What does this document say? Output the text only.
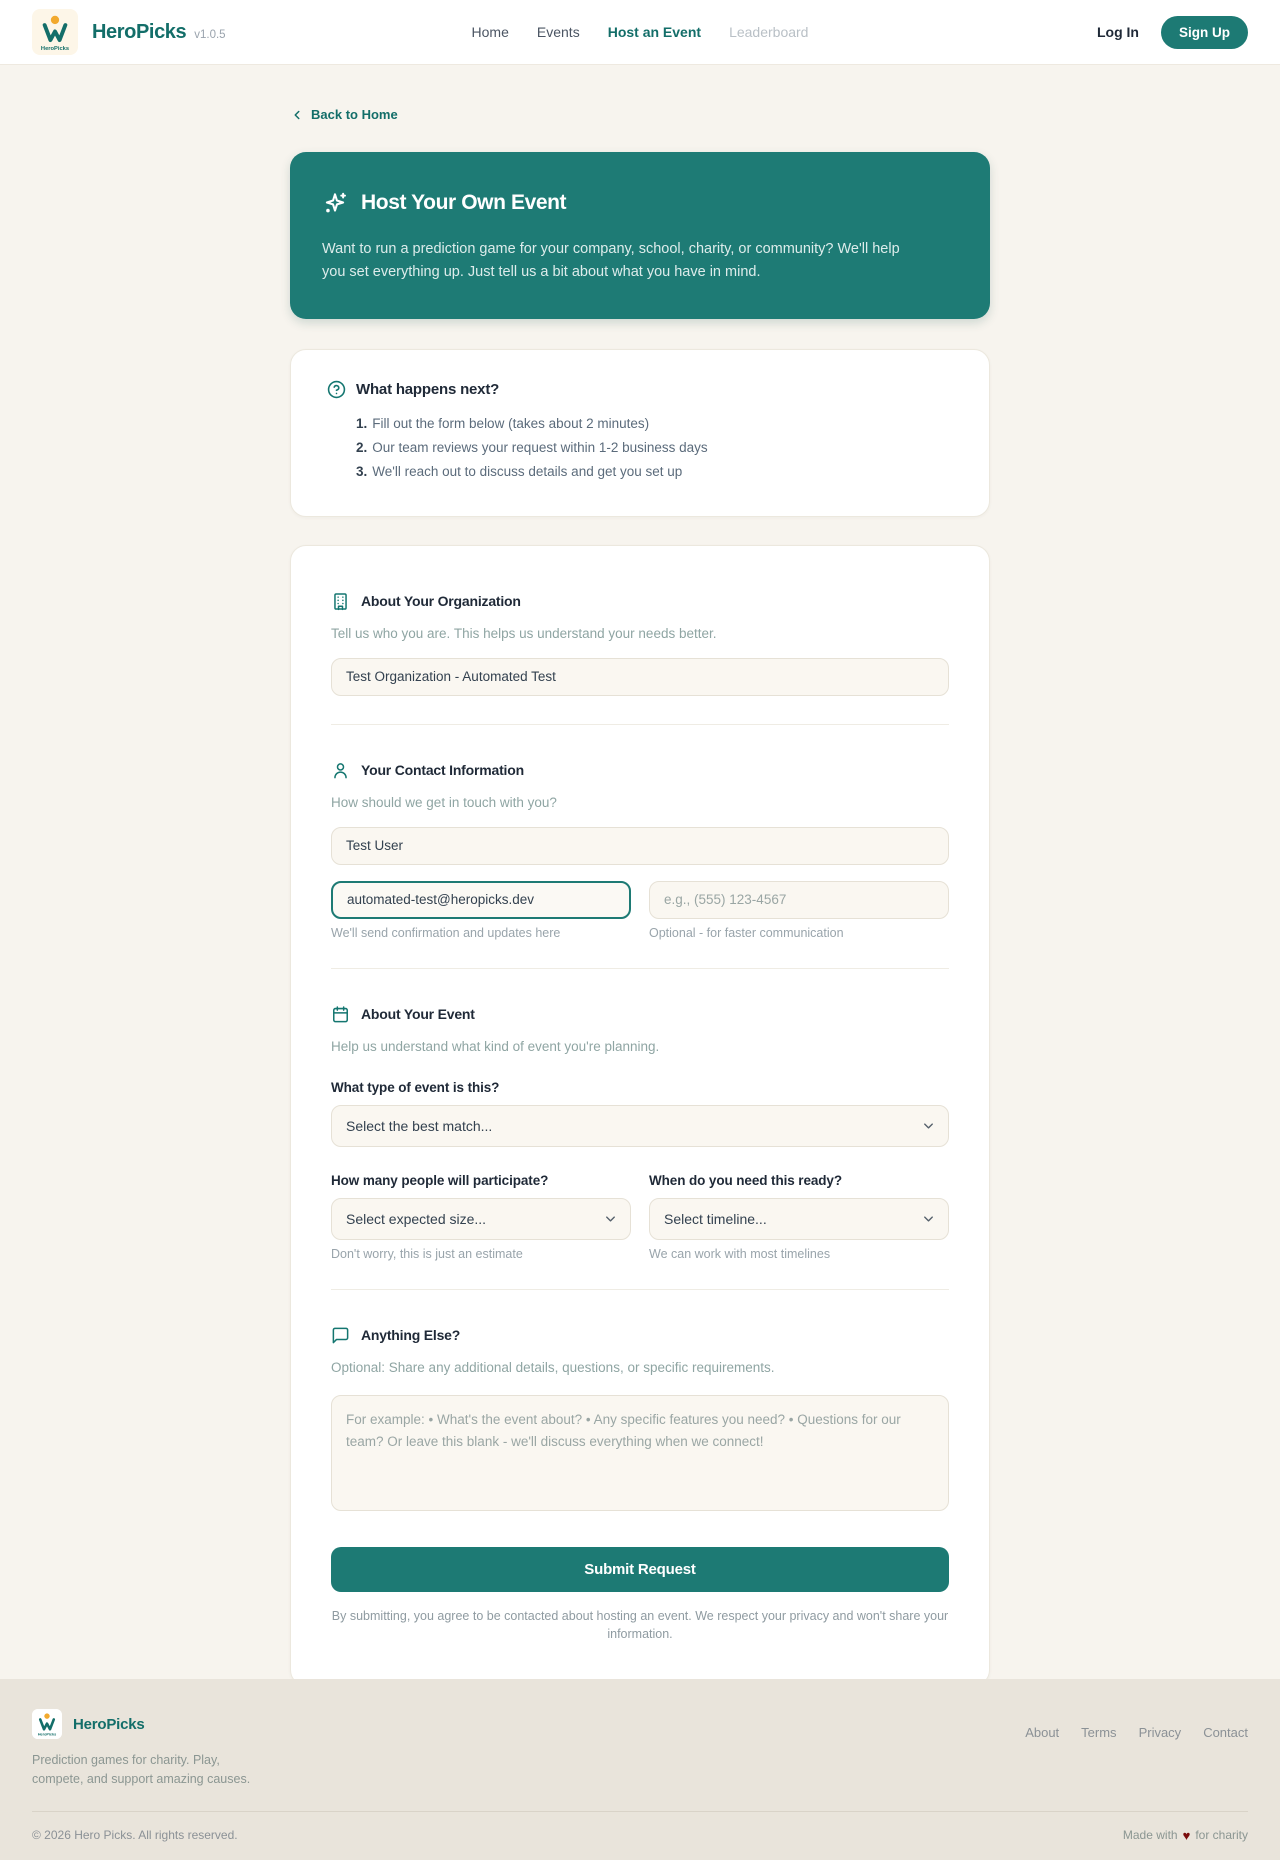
HeroPicks
HeroPicks v1.0.5	Home Events Host an Event Leaderboard	Log In	Sign Up
Back to Home
Host Your Own Event
Want to run a prediction game for your company, school, charity, or community? We'll help you set everything up. Just tell us a bit about what you have in mind.
What happens next?
1. Fill out the form below (takes about 2 minutes)
2. Our team reviews your request within 1-2 business days
3. We'll reach out to discuss details and get you set up
About Your Organization
Tell us who you are. This helps us understand your needs better.
Test Organization - Automated Test
Your Contact Information
How should we get in touch with you?
Test User
automated-test@heropicks.dev
We'll send confirmation and updates here
e.g., (555) 123-4567	Optional - for faster communication
About Your Event
Help us understand what kind of event you're planning.
What type of event is this?
Select the best match...
How many people will participate?
Select expected size...
Don't worry, this is just an estimate
When do you need this ready?
Select timeline...
We can work with most timelines
Anything Else?
Optional: Share any additional details, questions, or specific requirements.
For example: • What's the event about? • Any specific features you need? • Questions for our team? Or leave this blank - we'll discuss everything when we connect! Submit Request
By submitting, you agree to be contacted about hosting an event. We respect your privacy and won't share your information.
HeroPicks
HeroPicks
Prediction games for charity. Play, compete, and support amazing causes.
About Terms Privacy Contact
© 2026 Hero Picks. All rights reserved.	Made with ♥ for charity
